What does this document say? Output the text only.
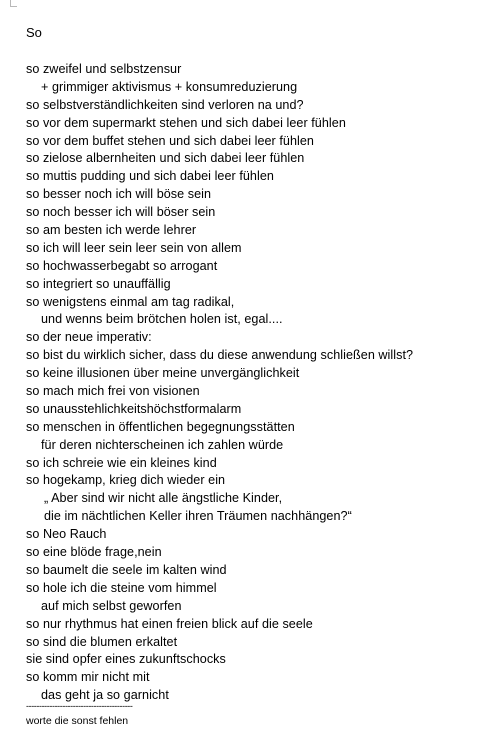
So
so zweifel und selbstzensur
+ grimmiger aktivismus + konsumreduzierung
so selbstverständlichkeiten sind verloren na und?
so vor dem supermarkt stehen und sich dabei leer fühlen
so vor dem buffet stehen und sich dabei leer fühlen
so zielose albernheiten und sich dabei leer fühlen
so muttis pudding und sich dabei leer fühlen
so besser noch ich will böse sein
so noch besser ich will böser sein
so am besten ich werde lehrer
so ich will leer sein leer sein von allem
so hochwasserbegabt so arrogant
so integriert so unauffällig
so wenigstens einmal am tag radikal,
und wenns beim brötchen holen ist, egal....
so der neue imperativ:
so bist du wirklich sicher, dass du diese anwendung schließen willst?
so keine illusionen über meine unvergänglichkeit
so mach mich frei von visionen
so unausstehlichkeitshöchstformalarm
so menschen in öffentlichen begegnungsstätten
für deren nichterscheinen ich zahlen würde
so ich schreie wie ein kleines kind
so hogekamp, krieg dich wieder ein
„ Aber sind wir nicht alle ängstliche Kinder,
die im nächtlichen Keller ihren Träumen nachhängen?“
so Neo Rauch
so eine blöde frage,nein
so baumelt die seele im kalten wind
so hole ich die steine vom himmel
auf mich selbst geworfen
so nur rhythmus hat einen freien blick auf die seele
so sind die blumen erkaltet
sie sind opfer eines zukunftschocks
so komm mir nicht mit
das geht ja so garnicht
-----------------------------------------
worte die sonst fehlen
